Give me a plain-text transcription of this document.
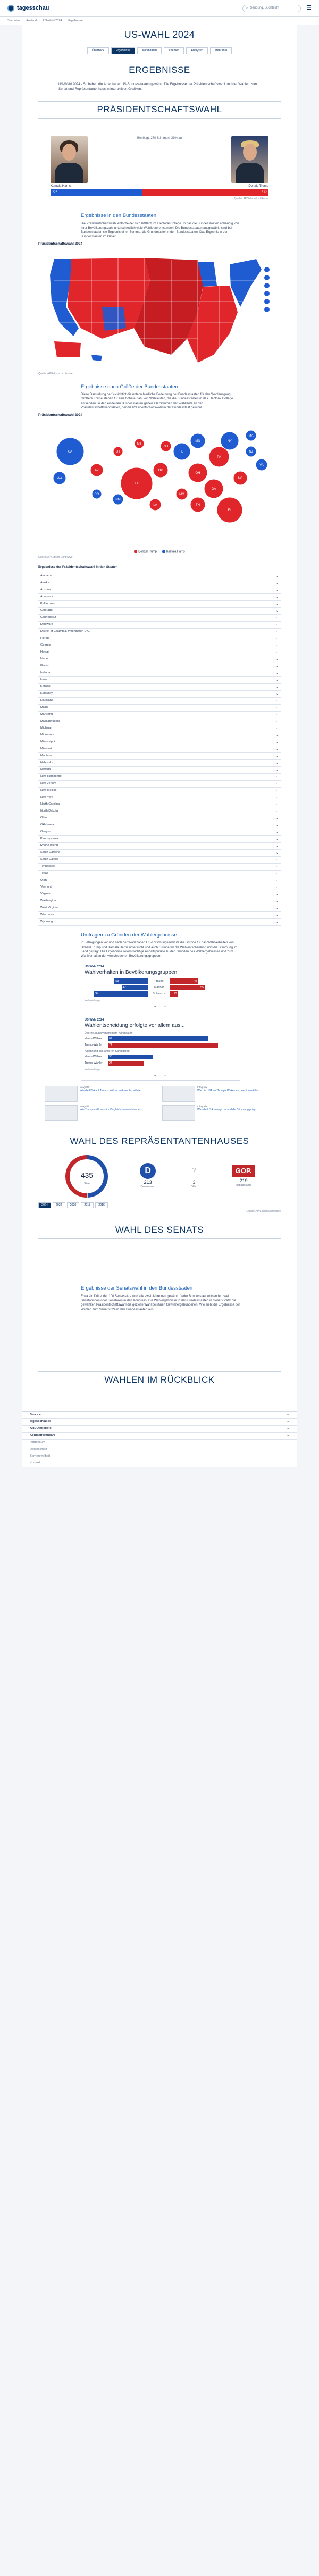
tagesschau	⌕ Sendung, Suchtext?	☰
Startseite › Ausland › US-Wahl 2024 › Ergebnisse
US-WAHL 2024
Überblick	Ergebnisse	Kandidaten	Themen	Analysen	Mehr Info
ERGEBNISSE

US-Wahl 2024 - So haben die Amerikaner US-Bundesstaaten gewählt. Die Ergebnisse der Präsidentschaftswahl und der Wahlen zum Senat und Repräsentantenhaus in interaktiven Grafiken.

PRÄSIDENTSCHAFTSWAHL
Benötigt: 270 Stimmen, 39% zu
Kamala Harris	Donald Trump
226	312
Quelle: AP/Edison Lichtkurve
Ergebnisse in den Bundesstaaten

Die Präsidentschaftswahl entscheidet sich letztlich im Electoral College. In das die Bundesstaaten abhängig von ihrer Bevölkerungszahl unterschiedlich viele Wahlleute entsenden. Die Bundesstaaten ausgewählt, sind bei Bundesstaaten sie Ergebnis einer Summe, die Grundmuster in den Bundesstaaten. Das Ergebnis in den Bundesstaaten im Detail:

Präsidentschaftswahl 2024
Quelle: AP/Edison Lichtkurve
Ergebnisse nach Größe der Bundesstaaten

Diese Darstellung berücksichtigt die unterschiedliche Bedeutung der Bundesstaaten für den Wahlausgang. Größere Kreise stehen für eine höhere Zahl von Wahlleuten, die die Bundesstaaten in das Electoral College entsenden. In den einzelnen Bundesstaaten gehen alle Stimmen der Wahlleute an den Präsidentschaftskandidaten, der die Präsidentschaftswahl in der Bundesstaat gewinnt.

Präsidentschaftswahl 2024
CA
WA
AZ
UT
MT
TX
ND
OK
IL
MN
OH
PA
NY
MA
NJ
GA
TN
FL
MO
NM
CO
NC
VA
LA
Donald Trump	Kamala Harris
Quelle: AP/Edison Lichtkurve
Ergebnisse der Präsidentschaftswahl in den Staaten
Alabama	⌄
Alaska	⌄
Arizona	⌄
Arkansas	⌄
Kalifornien	⌄
Colorado	⌄
Connecticut	⌄
Delaware	⌄
District of Columbia, Washington D.C.	⌄
Florida	⌄
Georgia	⌄
Hawaii	⌄
Idaho	⌄
Illinois	⌄
Indiana	⌄
Iowa	⌄
Kansas	⌄
Kentucky	⌄
Louisiana	⌄
Maine	⌄
Maryland	⌄
Massachusetts	⌄
Michigan	⌄
Minnesota	⌄
Mississippi	⌄
Missouri	⌄
Montana	⌄
Nebraska	⌄
Nevada	⌄
New Hampshire	⌄
New Jersey	⌄
New Mexico	⌄
New York	⌄
North Carolina	⌄
North Dakota	⌄
Ohio	⌄
Oklahoma	⌄
Oregon	⌄
Pennsylvania	⌄
Rhode Island	⌄
South Carolina	⌄
South Dakota	⌄
Tennessee	⌄
Texas	⌄
Utah	⌄
Vermont	⌄
Virginia	⌄
Washington	⌄
West Virginia	⌄
Wisconsin	⌄
Wyoming	⌄
Umfragen zu Gründen der Wahlergebnisse

In Befragungen vor und nach der Wahl haben US-Forschungsinstitute die Gründe für das Wahlverhalten von Donald Trump und Kamala Harris untersucht und auch Gründe für die Wahlentscheidung und die Stimmung im Land gefragt. Die Ergebnisse liefern wichtige Anhaltspunkte zu den Gründen des Wahlergebnisses und zum Wahlverhalten der verschiedenen Bevölkerungsgruppen:

US-Wahl 2024
Wahlverhalten in Bevölkerungsgruppen
53	Frauen	45
42	Männer	55
86	Schwarze	13
Wahlumfrage
● ○ ○
US-Wahl 2024
Wahlentscheidung erfolgte vor allem aus...
Überzeugung von meinem Kandidaten
Harris-Wähler	67
Trump-Wähler	74
Ablehnung des anderen Kandidaten
Harris-Wähler	30
Trump-Wähler	24
Wahlumfrage
● ○ ○
Infografik
Wie die USA auf Trumps Wirken und wer ihn wählte
Infografik
Wie die USA auf Trumps Wirken und wer ihn wählte
Infografik
Wie Trump und Harris im Vergleich bewertet werden
Infografik
Was die USA bewegt hat und die Stimmung prägt
WAHL DES REPRÄSENTANTENHAUSES
435
Sitze
D
213
Demokraten
?
3
Offen
GOP.
219
Republikaner
2024	2022	2020	2018	2016
Quelle: AP/Edison Lichtkurve
WAHL DES SENATS
Ergebnisse der Senatswahl in den Bundesstaaten

Etwa ein Drittel der 100 Senatssitze wird alle zwei Jahre neu gewählt. Jeder Bundesstaat entsendet zwei Senatorinnen oder Senatoren in den Kongress. Die Wahlergebnisse in den Bundesstaaten in dieser Grafik die gewählten Präsidentschaftswahl die gezielte Wahl bei ihnen Gewinnergebundenen. Wie sieht die Ergebnisse der Wahlen zum Senat 2024 in den Bundesstaaten aus.

WAHLEN IM RÜCKBLICK
Service	⌄
tagesschau.de	⌄
ARD Angebote	⌄
Kontaktformulare	⌄
Impressum
Datenschutz
Barrierefreiheit
Kontakt
